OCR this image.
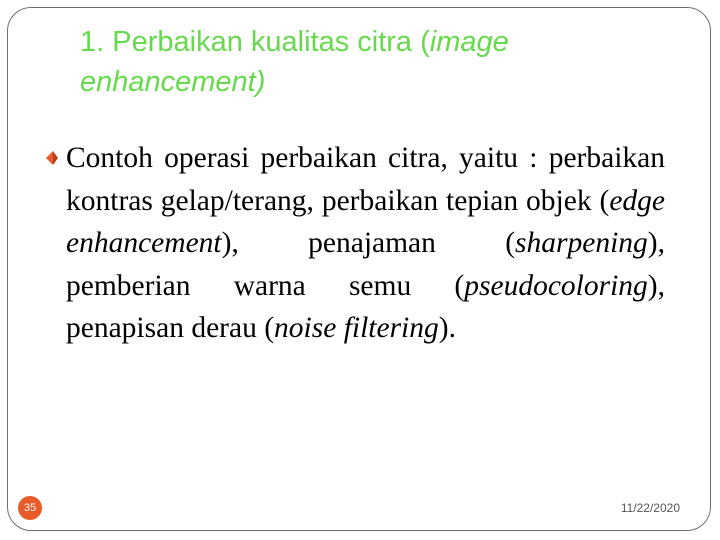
1. Perbaikan kualitas citra (image enhancement)
Contoh operasi perbaikan citra, yaitu : perbaikan kontras gelap/terang, perbaikan tepian objek (edge enhancement), penajaman (sharpening), pemberian warna semu (pseudocoloring), penapisan derau (noise filtering).
35	11/22/2020
